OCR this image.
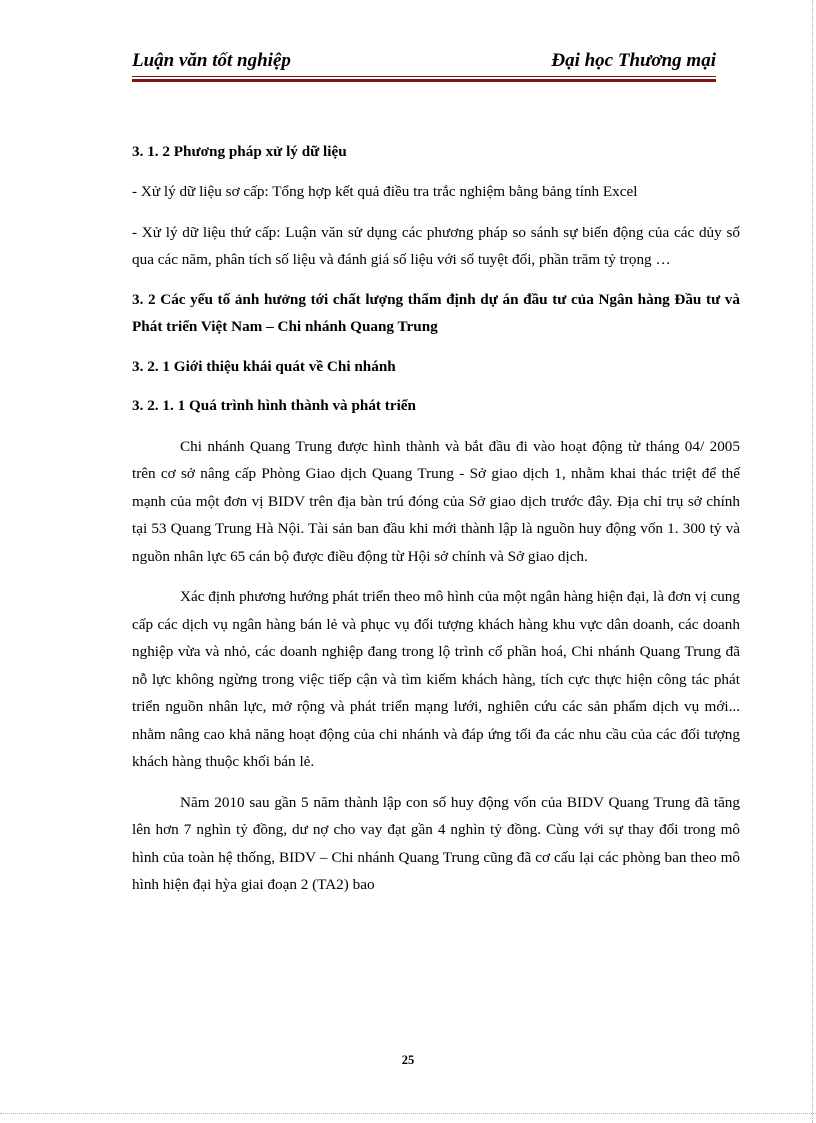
Luận văn tốt nghiệp	Đại học Thương mại

3. 1. 2 Phương pháp xử lý dữ liệu

- Xử lý dữ liệu sơ cấp: Tổng hợp kết quả điều tra trắc nghiệm bằng bảng tính Excel

- Xử lý dữ liệu thứ cấp: Luận văn sử dụng các phương pháp so sánh sự biến động của các dủy số qua các năm, phân tích số liệu và đánh giá số liệu với số tuyệt đối, phần trăm tỷ trọng …

3. 2 Các yếu tố ảnh hưởng tới chất lượng thẩm định dự án đầu tư của Ngân hàng Đầu tư và Phát triển Việt Nam – Chi nhánh Quang Trung

3. 2. 1 Giới thiệu khái quát về Chi nhánh

3. 2. 1. 1 Quá trình hình thành và phát triển

Chi nhánh Quang Trung được hình thành và bắt đầu đi vào hoạt động từ tháng 04/ 2005 trên cơ sở nâng cấp Phòng Giao dịch Quang Trung - Sở giao dịch 1, nhằm khai thác triệt để thế mạnh của một đơn vị BIDV trên địa bàn trú đóng của Sở giao dịch trước đây. Địa chỉ trụ sở chính tại 53 Quang Trung Hà Nội. Tài sản ban đầu khi mới thành lập là nguồn huy động vốn 1. 300 tỷ và nguồn nhân lực 65 cán bộ được điều động từ Hội sở chính và Sở giao dịch.

Xác định phương hướng phát triển theo mô hình của một ngân hàng hiện đại, là đơn vị cung cấp các dịch vụ ngân hàng bán lẻ và phục vụ đối tượng khách hàng khu vực dân doanh, các doanh nghiệp vừa và nhỏ, các doanh nghiệp đang trong lộ trình cổ phần hoá, Chi nhánh Quang Trung đã nỗ lực không ngừng trong việc tiếp cận và tìm kiếm khách hàng, tích cực thực hiện công tác phát triển nguồn nhân lực, mở rộng và phát triển mạng lưới, nghiên cứu các sản phẩm dịch vụ mới... nhằm nâng cao khả năng hoạt động của chi nhánh và đáp ứng tối đa các nhu cầu của các đối tượng khách hàng thuộc khối bán lẻ.

Năm 2010 sau gần 5 năm thành lập con số huy động vốn của BIDV Quang Trung đã tăng lên hơn 7 nghìn tỷ đồng, dư nợ cho vay đạt gần 4 nghìn tỷ đồng. Cùng với sự thay đổi trong mô hình của toàn hệ thống, BIDV – Chi nhánh Quang Trung cũng đã cơ cấu lại các phòng ban theo mô hình hiện đại hỳa giai đoạn 2 (TA2) bao

25
